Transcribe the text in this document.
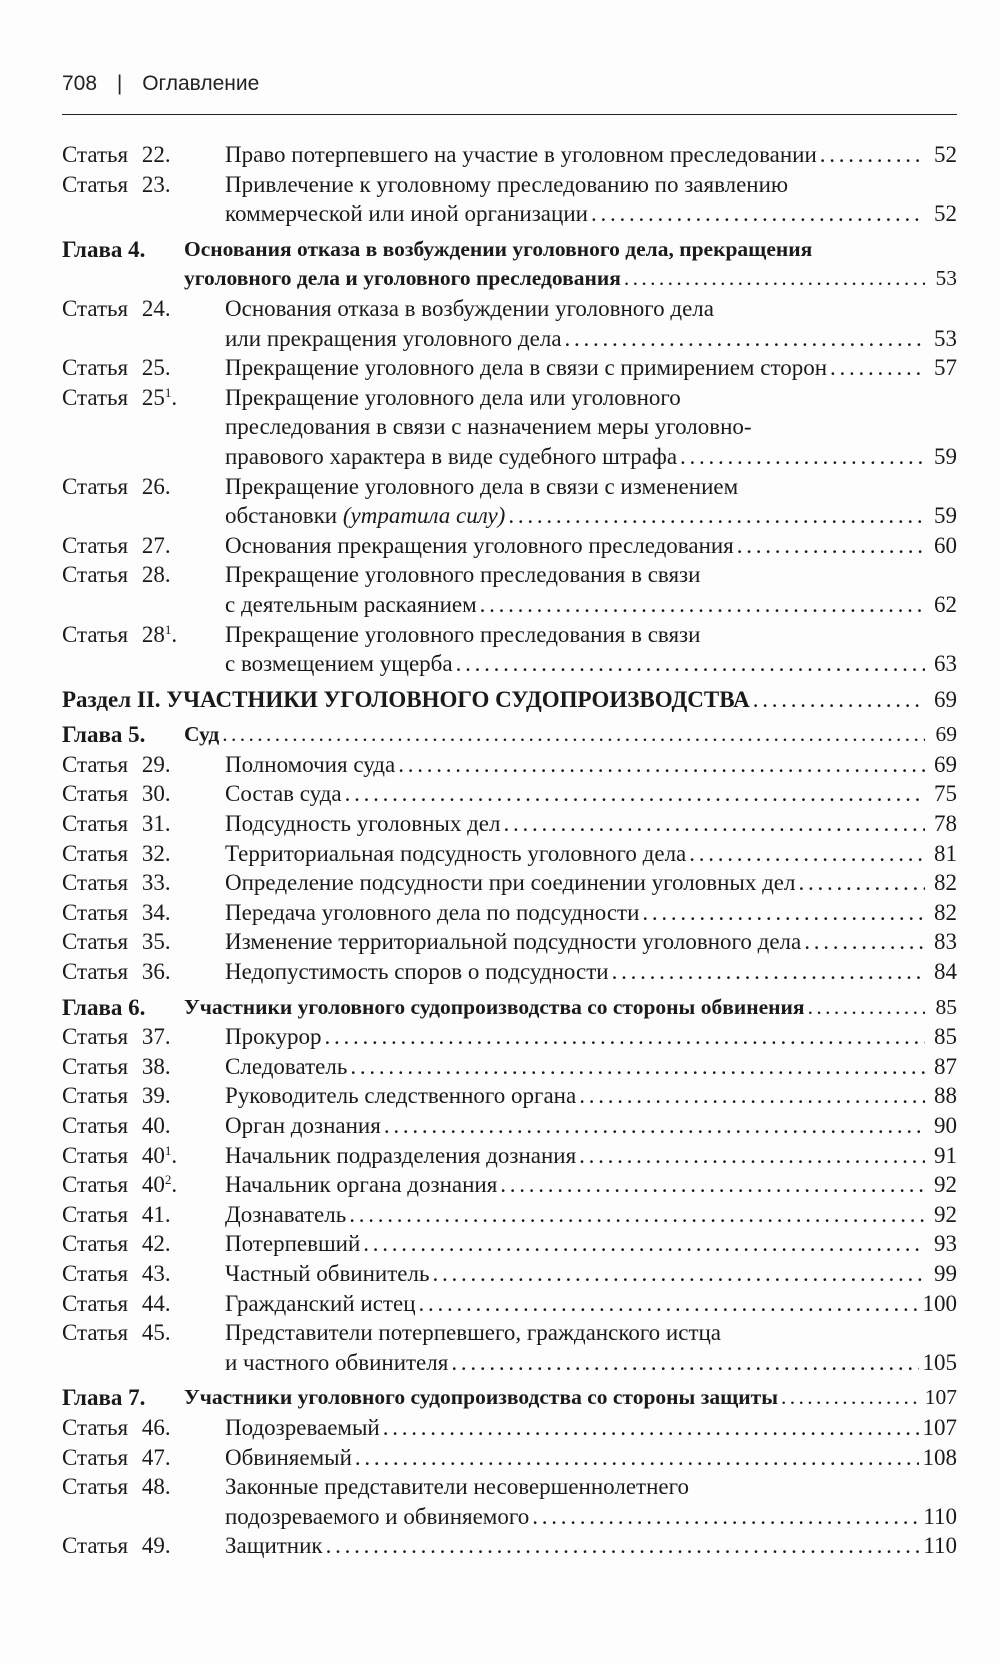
708 | Оглавление
Статья 22.	Право потерпевшего на участие в уголовном преследовании . . .	52
Статья 23.	Привлечение к уголовному преследованию по заявлению
коммерческой или иной организации . . .	52
Глава 4.	Основания отказа в возбуждении уголовного дела, прекращения
уголовного дела и уголовного преследования . . .	53
Статья 24.	Основания отказа в возбуждении уголовного дела
или прекращения уголовного дела . . .	53
Статья 25.	Прекращение уголовного дела в связи с примирением сторон . . .	57
Статья $25^1$.	Прекращение уголовного дела или уголовного
преследования в связи с назначением меры уголовно-
правового характера в виде судебного штрафа . . .	59
Статья 26.	Прекращение уголовного дела в связи с изменением
обстановки (утратила силу) . . .	59
Статья 27.	Основания прекращения уголовного преследования . . .	60
Статья 28.	Прекращение уголовного преследования в связи
с деятельным раскаянием . . .	62
Статья $28^1$.	Прекращение уголовного преследования в связи
с возмещением ущерба . . .	63
Раздел II. УЧАСТНИКИ УГОЛОВНОГО СУДОПРОИЗВОДСТВА . . .	69
Глава 5.	Суд . . .	69
Статья 29.	Полномочия суда . . .	69
Статья 30.	Состав суда . . .	75
Статья 31.	Подсудность уголовных дел . . .	78
Статья 32.	Территориальная подсудность уголовного дела . . .	81
Статья 33.	Определение подсудности при соединении уголовных дел . . .	82
Статья 34.	Передача уголовного дела по подсудности . . .	82
Статья 35.	Изменение территориальной подсудности уголовного дела . . .	83
Статья 36.	Недопустимость споров о подсудности . . .	84
Глава 6.	Участники уголовного судопроизводства со стороны обвинения . . .	85
Статья 37.	Прокурор . . .	85
Статья 38.	Следователь . . .	87
Статья 39.	Руководитель следственного органа . . .	88
Статья 40.	Орган дознания . . .	90
Статья $40^1$.	Начальник подразделения дознания . . .	91
Статья $40^2$.	Начальник органа дознания . . .	92
Статья 41.	Дознаватель . . .	92
Статья 42.	Потерпевший . . .	93
Статья 43.	Частный обвинитель . . .	99
Статья 44.	Гражданский истец . . .	100
Статья 45.	Представители потерпевшего, гражданского истца
и частного обвинителя . . .	105
Глава 7.	Участники уголовного судопроизводства со стороны защиты . . .	107
Статья 46.	Подозреваемый . . .	107
Статья 47.	Обвиняемый . . .	108
Статья 48.	Законные представители несовершеннолетнего
подозреваемого и обвиняемого . . .	110
Статья 49.	Защитник . . .	110
